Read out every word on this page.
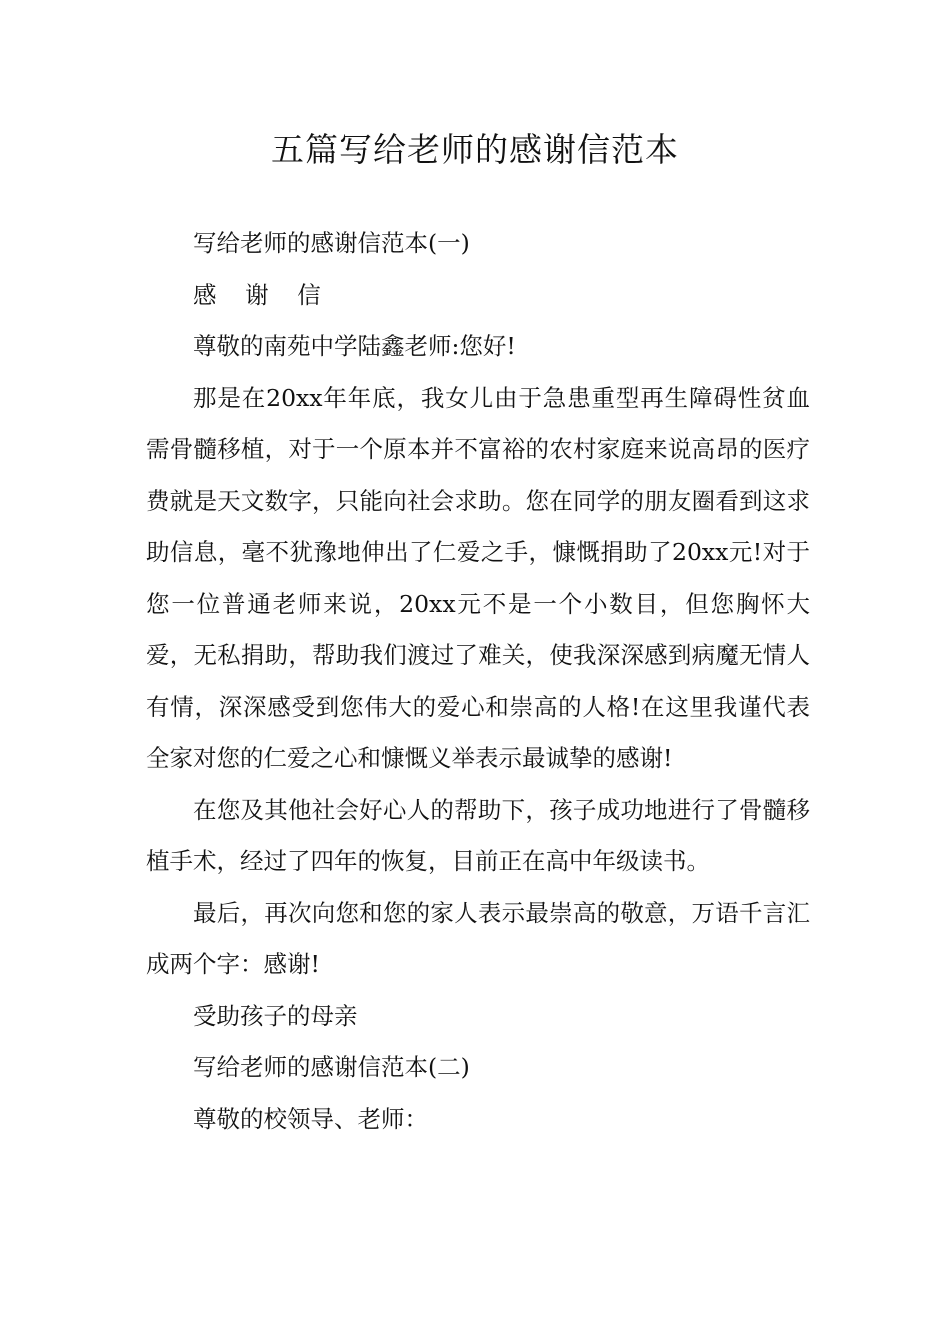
五篇写给老师的感谢信范本

写给老师的感谢信范本(一)

感 谢 信

尊敬的南苑中学陆鑫老师:您好!

那是在20xx年年底，我女儿由于急患重型再生障碍性贫血需骨髓移植，对于一个原本并不富裕的农村家庭来说高昂的医疗费就是天文数字，只能向社会求助。您在同学的朋友圈看到这求助信息，毫不犹豫地伸出了仁爱之手，慷慨捐助了20xx元!对于您一位普通老师来说，20xx元不是一个小数目，但您胸怀大爱，无私捐助，帮助我们渡过了难关，使我深深感到病魔无情人有情，深深感受到您伟大的爱心和崇高的人格!在这里我谨代表全家对您的仁爱之心和慷慨义举表示最诚挚的感谢!

在您及其他社会好心人的帮助下，孩子成功地进行了骨髓移植手术，经过了四年的恢复，目前正在高中年级读书。

最后，再次向您和您的家人表示最崇高的敬意，万语千言汇成两个字：感谢!

受助孩子的母亲

写给老师的感谢信范本(二)

尊敬的校领导、老师：
